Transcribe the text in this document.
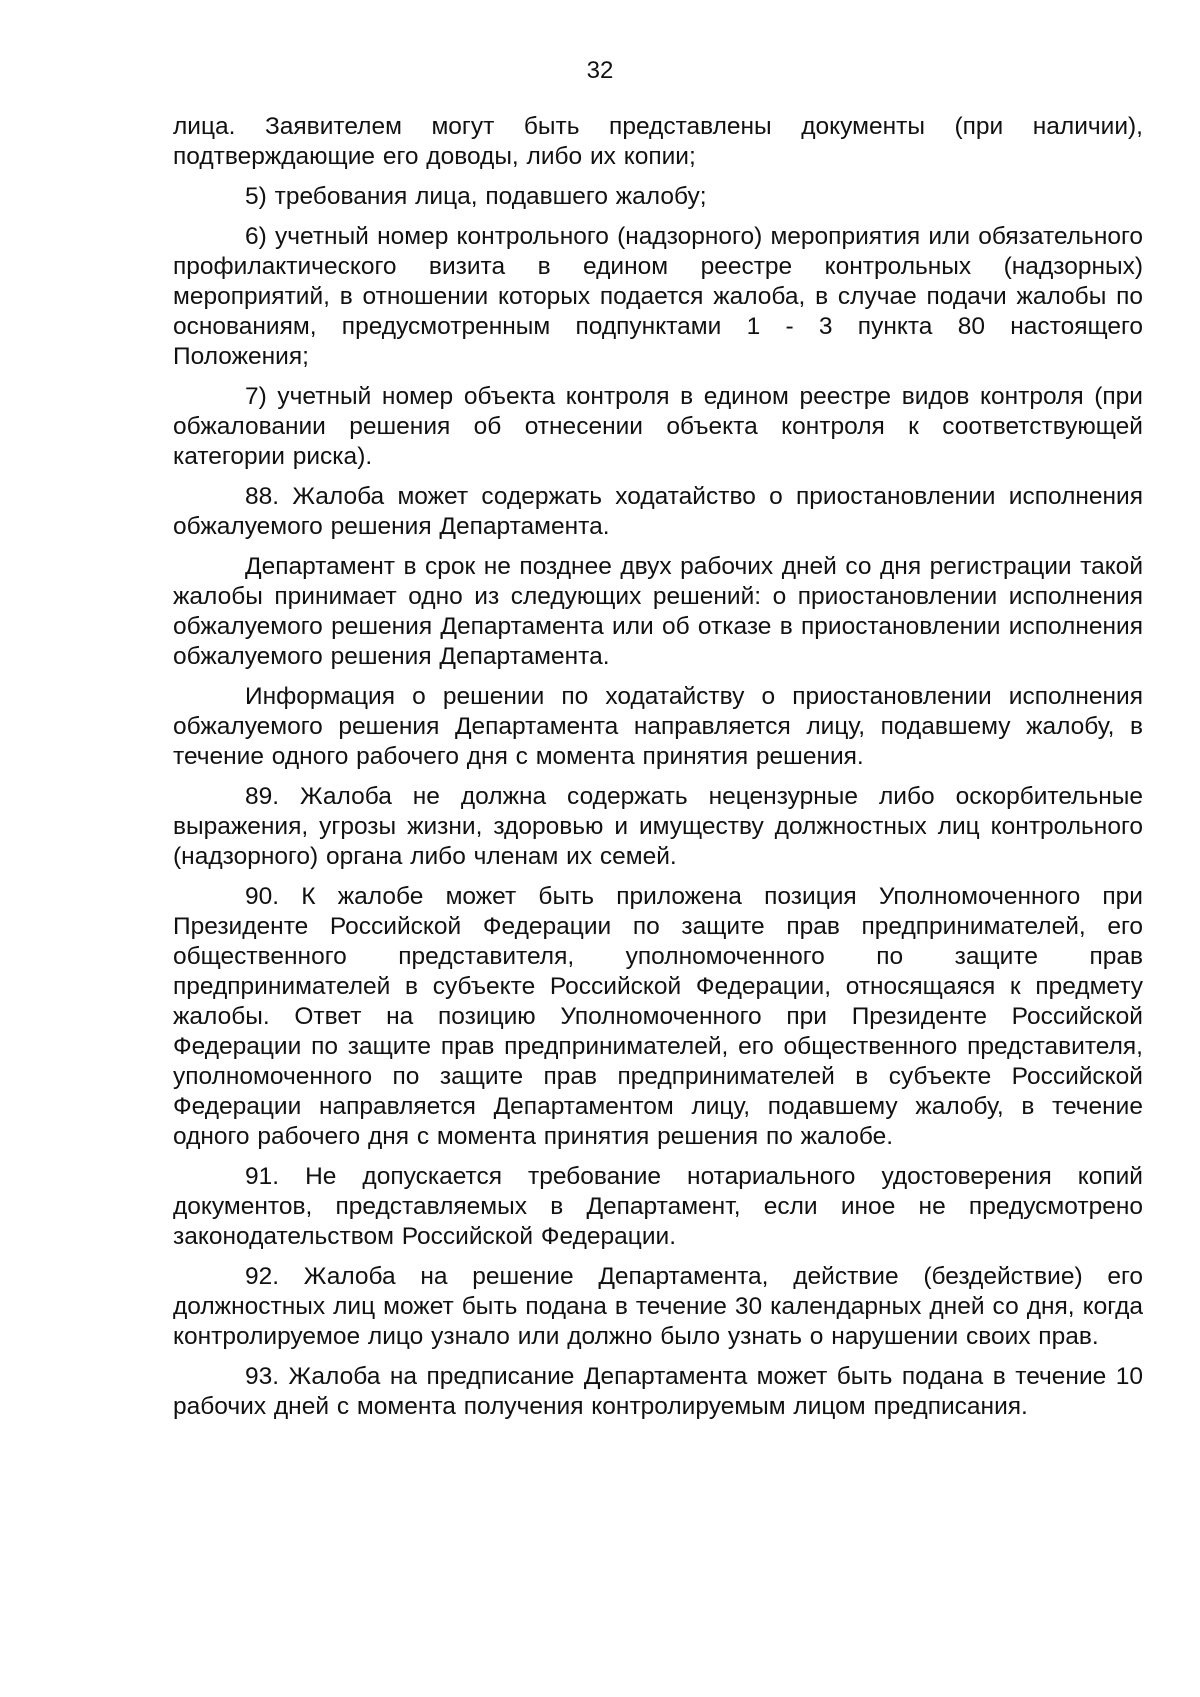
32

лица. Заявителем могут быть представлены документы (при наличии), подтверждающие его доводы, либо их копии;

5) требования лица, подавшего жалобу;

6) учетный номер контрольного (надзорного) мероприятия или обязательного профилактического визита в едином реестре контрольных (надзорных) мероприятий, в отношении которых подается жалоба, в случае подачи жалобы по основаниям, предусмотренным подпунктами 1 - 3 пункта 80 настоящего Положения;

7) учетный номер объекта контроля в едином реестре видов контроля (при обжаловании решения об отнесении объекта контроля к соответствующей категории риска).

88. Жалоба может содержать ходатайство о приостановлении исполнения обжалуемого решения Департамента.

Департамент в срок не позднее двух рабочих дней со дня регистрации такой жалобы принимает одно из следующих решений: о приостановлении исполнения обжалуемого решения Департамента или об отказе в приостановлении исполнения обжалуемого решения Департамента.

Информация о решении по ходатайству о приостановлении исполнения обжалуемого решения Департамента направляется лицу, подавшему жалобу, в течение одного рабочего дня с момента принятия решения.

89. Жалоба не должна содержать нецензурные либо оскорбительные выражения, угрозы жизни, здоровью и имуществу должностных лиц контрольного (надзорного) органа либо членам их семей.

90. К жалобе может быть приложена позиция Уполномоченного при Президенте Российской Федерации по защите прав предпринимателей, его общественного представителя, уполномоченного по защите прав предпринимателей в субъекте Российской Федерации, относящаяся к предмету жалобы. Ответ на позицию Уполномоченного при Президенте Российской Федерации по защите прав предпринимателей, его общественного представителя, уполномоченного по защите прав предпринимателей в субъекте Российской Федерации направляется Департаментом лицу, подавшему жалобу, в течение одного рабочего дня с момента принятия решения по жалобе.

91. Не допускается требование нотариального удостоверения копий документов, представляемых в Департамент, если иное не предусмотрено законодательством Российской Федерации.

92. Жалоба на решение Департамента, действие (бездействие) его должностных лиц может быть подана в течение 30 календарных дней со дня, когда контролируемое лицо узнало или должно было узнать о нарушении своих прав.

93. Жалоба на предписание Департамента может быть подана в течение 10 рабочих дней с момента получения контролируемым лицом предписания.
